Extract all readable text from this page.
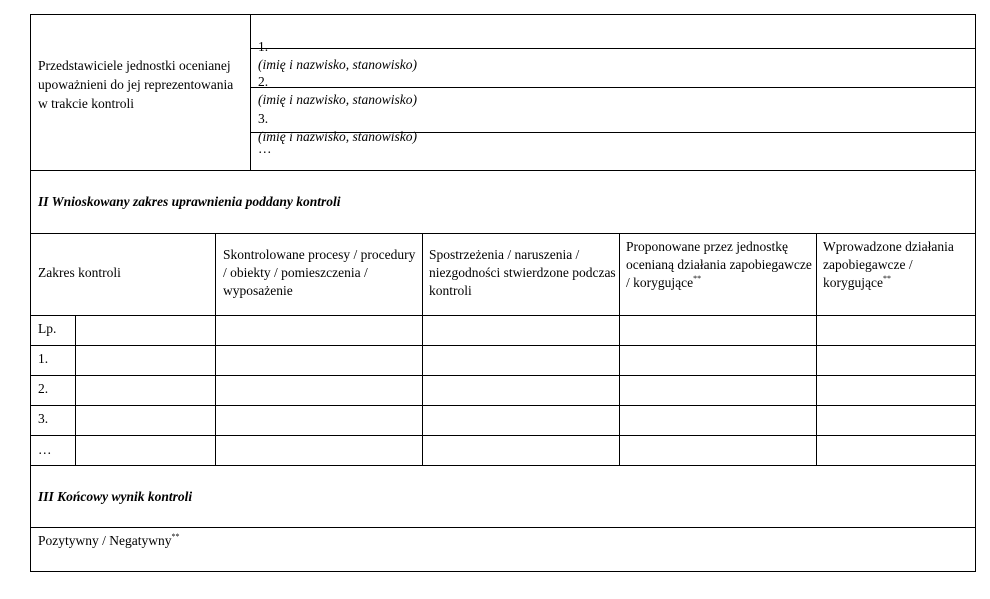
Przedstawiciele jednostki ocenianej upoważnieni do jej reprezentowania w trakcie kontroli

1.
(imię i nazwisko, stanowisko)

2.
(imię i nazwisko, stanowisko)

3.
(imię i nazwisko, stanowisko)

…
II Wnioskowany zakres uprawnienia poddany kontroli
Zakres kontroli
Skontrolowane procesy / procedury / obiekty / pomieszczenia / wyposażenie
Spostrzeżenia / naruszenia / niezgodności stwierdzone podczas kontroli
Proponowane przez jednostkę ocenianą działania zapobiegawcze / korygujące**
Wprowadzone działania zapobiegawcze / korygujące**
Lp.
1.
2.
3.
…
III Końcowy wynik kontroli
Pozytywny / Negatywny**
